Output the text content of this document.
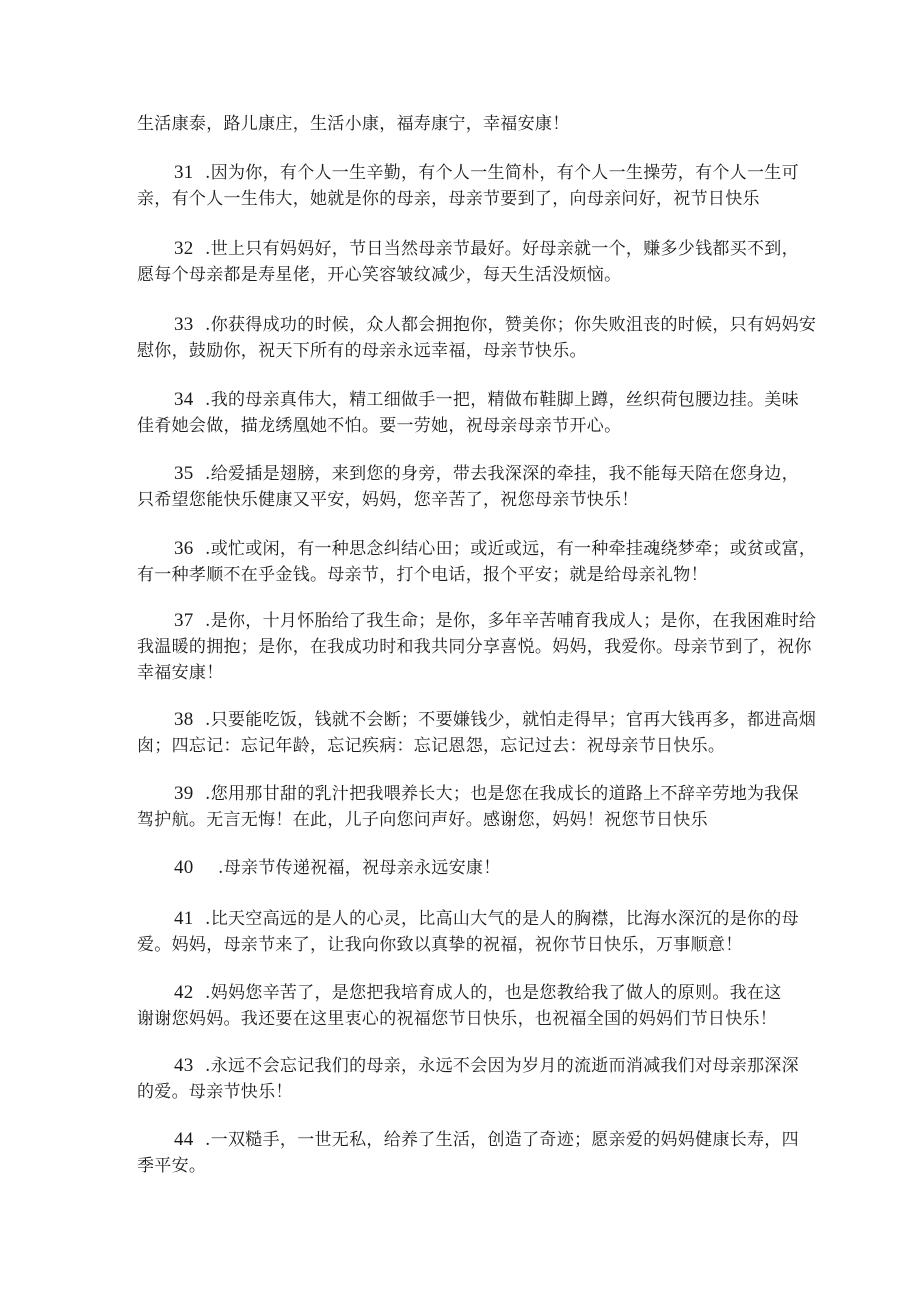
生活康泰，路儿康庄，生活小康，福寿康宁，幸福安康！

31 .因为你，有个人一生辛勤，有个人一生简朴，有个人一生操劳，有个人一生可
亲，有个人一生伟大，她就是你的母亲，母亲节要到了，向母亲问好，祝节日快乐

32 .世上只有妈妈好，节日当然母亲节最好。好母亲就一个，赚多少钱都买不到，
愿每个母亲都是寿星佬，开心笑容皱纹减少，每天生活没烦恼。

33 .你获得成功的时候，众人都会拥抱你，赞美你；你失败沮丧的时候，只有妈妈安
慰你，鼓励你，祝天下所有的母亲永远幸福，母亲节快乐。

34 .我的母亲真伟大，精工细做手一把，精做布鞋脚上蹲，丝织荷包腰边挂。美味
佳肴她会做，描龙绣凰她不怕。要一劳她，祝母亲母亲节开心。

35 .给爱插是翅膀，来到您的身旁，带去我深深的牵挂，我不能每天陪在您身边，
只希望您能快乐健康又平安，妈妈，您辛苦了，祝您母亲节快乐！

36 .或忙或闲，有一种思念纠结心田；或近或远，有一种牵挂魂绕梦牵；或贫或富，
有一种孝顺不在乎金钱。母亲节，打个电话，报个平安；就是给母亲礼物！

37 .是你，十月怀胎给了我生命；是你，多年辛苦哺育我成人；是你，在我困难时给
我温暖的拥抱；是你，在我成功时和我共同分享喜悦。妈妈，我爱你。母亲节到了，祝你
幸福安康！

38 .只要能吃饭，钱就不会断；不要嫌钱少，就怕走得早；官再大钱再多，都进高烟
囱；四忘记：忘记年龄，忘记疾病：忘记恩怨，忘记过去：祝母亲节日快乐。

39 .您用那甘甜的乳汁把我喂养长大；也是您在我成长的道路上不辞辛劳地为我保
驾护航。无言无悔！在此，儿子向您问声好。感谢您，妈妈！祝您节日快乐

40 .母亲节传递祝福，祝母亲永远安康！

41 .比天空高远的是人的心灵，比高山大气的是人的胸襟，比海水深沉的是你的母
爱。妈妈，母亲节来了，让我向你致以真挚的祝福，祝你节日快乐，万事顺意！

42 .妈妈您辛苦了，是您把我培育成人的，也是您教给我了做人的原则。我在这
谢谢您妈妈。我还要在这里衷心的祝福您节日快乐，也祝福全国的妈妈们节日快乐！

43 .永远不会忘记我们的母亲，永远不会因为岁月的流逝而消减我们对母亲那深深
的爱。母亲节快乐！

44 .一双糙手，一世无私，给养了生活，创造了奇迹；愿亲爱的妈妈健康长寿，四
季平安。
